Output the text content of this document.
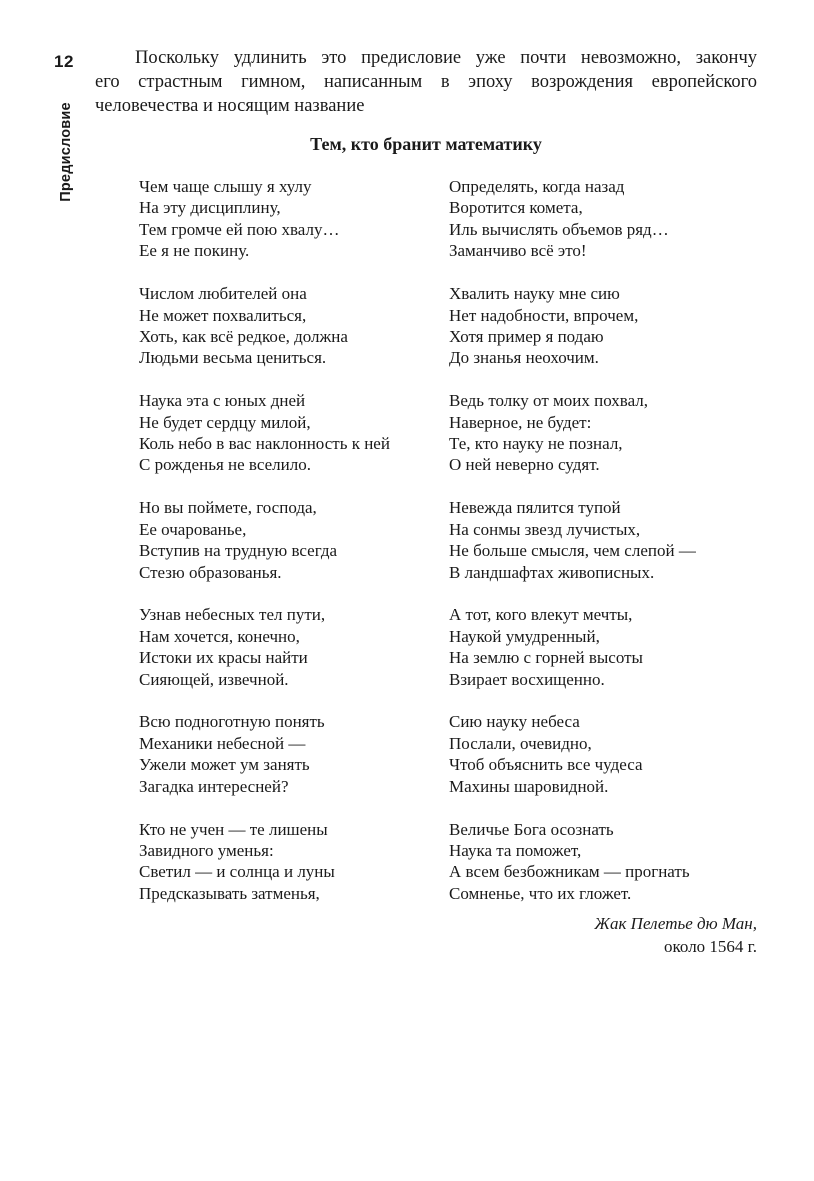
12
Предисловие
Поскольку удлинить это предисловие уже почти невозможно, закончу
его страстным гимном, написанным в эпоху возрождения европейского
человечества и носящим название
Тем, кто бранит математику
Чем чаще слышу я хулу
На эту дисциплину,
Тем громче ей пою хвалу…
Ее я не покину.
Числом любителей она
Не может похвалиться,
Хоть, как всё редкое, должна
Людьми весьма цениться.
Наука эта с юных дней
Не будет сердцу милой,
Коль небо в вас наклонность к ней
С рожденья не вселило.
Но вы поймете, господа,
Ее очарованье,
Вступив на трудную всегда
Стезю образованья.
Узнав небесных тел пути,
Нам хочется, конечно,
Истоки их красы найти
Сияющей, извечной.
Всю подноготную понять
Механики небесной —
Ужели может ум занять
Загадка интересней?
Кто не учен — те лишены
Завидного уменья:
Светил — и солнца и луны
Предсказывать затменья,
Определять, когда назад
Воротится комета,
Иль вычислять объемов ряд…
Заманчиво всё это!
Хвалить науку мне сию
Нет надобности, впрочем,
Хотя пример я подаю
До знанья неохочим.
Ведь толку от моих похвал,
Наверное, не будет:
Те, кто науку не познал,
О ней неверно судят.
Невежда пялится тупой
На сонмы звезд лучистых,
Не больше смысля, чем слепой —
В ландшафтах живописных.
А тот, кого влекут мечты,
Наукой умудренный,
На землю с горней высоты
Взирает восхищенно.
Сию науку небеса
Послали, очевидно,
Чтоб объяснить все чудеса
Махины шаровидной.
Величье Бога осознать
Наука та поможет,
А всем безбожникам — прогнать
Сомненье, что их гложет.
Жак Пелетье дю Ман,
около 1564 г.
